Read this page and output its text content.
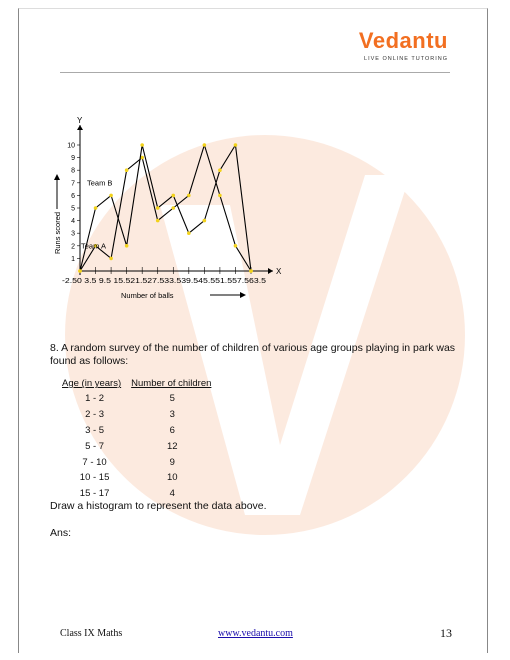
Vedantu
LIVE ONLINE TUTORING
1
2
3
4
5
6
7
8
9
10
-2.50 3.5 9.5 15.521.527.533.539.545.551.557.563.5
X
Y
Team B
Team A
Runs scored
Number of balls
8. A random survey of the number of children of various age groups playing in park was found as follows:
Age (in years)	Number of children
1 - 2	5
2 - 3	3
3 - 5	6
5 - 7	12
7 - 10	9
10 - 15	10
15 - 17	4
Draw a histogram to represent the data above.
Ans:
Class IX Maths	www.vedantu.com	13
